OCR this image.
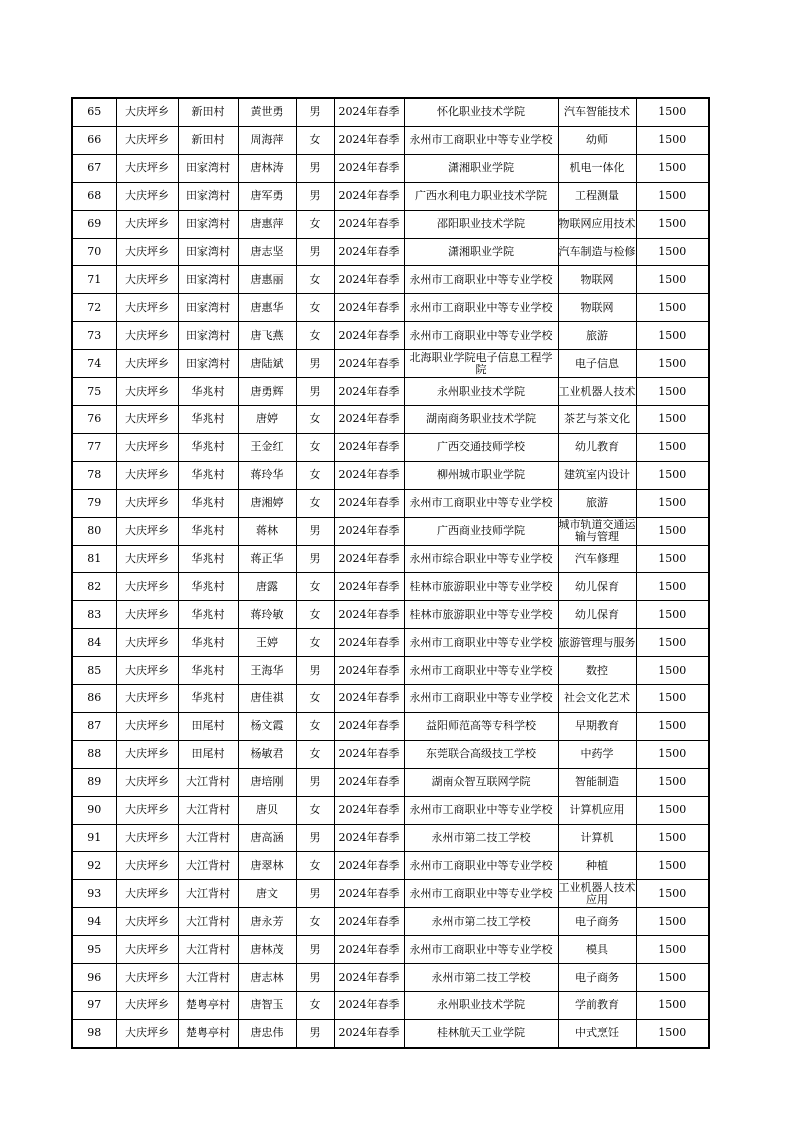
65	大庆坪乡	新田村	黄世勇	男	2024年春季	怀化职业技术学院	汽车智能技术	1500
66	大庆坪乡	新田村	周海萍	女	2024年春季	永州市工商职业中等专业学校	幼师	1500
67	大庆坪乡	田家湾村	唐林涛	男	2024年春季	潇湘职业学院	机电一体化	1500
68	大庆坪乡	田家湾村	唐军勇	男	2024年春季	广西水利电力职业技术学院	工程测量	1500
69	大庆坪乡	田家湾村	唐惠萍	女	2024年春季	邵阳职业技术学院	物联网应用技术	1500
70	大庆坪乡	田家湾村	唐志坚	男	2024年春季	潇湘职业学院	汽车制造与检修	1500
71	大庆坪乡	田家湾村	唐惠丽	女	2024年春季	永州市工商职业中等专业学校	物联网	1500
72	大庆坪乡	田家湾村	唐惠华	女	2024年春季	永州市工商职业中等专业学校	物联网	1500
73	大庆坪乡	田家湾村	唐飞燕	女	2024年春季	永州市工商职业中等专业学校	旅游	1500
74	大庆坪乡	田家湾村	唐陆斌	男	2024年春季	北海职业学院电子信息工程学院	电子信息	1500
75	大庆坪乡	华兆村	唐勇辉	男	2024年春季	永州职业技术学院	工业机器人技术	1500
76	大庆坪乡	华兆村	唐婷	女	2024年春季	湖南商务职业技术学院	茶艺与茶文化	1500
77	大庆坪乡	华兆村	王金红	女	2024年春季	广西交通技师学校	幼儿教育	1500
78	大庆坪乡	华兆村	蒋玲华	女	2024年春季	柳州城市职业学院	建筑室内设计	1500
79	大庆坪乡	华兆村	唐湘婷	女	2024年春季	永州市工商职业中等专业学校	旅游	1500
80	大庆坪乡	华兆村	蒋林	男	2024年春季	广西商业技师学院	城市轨道交通运输与管理	1500
81	大庆坪乡	华兆村	蒋正华	男	2024年春季	永州市综合职业中等专业学校	汽车修理	1500
82	大庆坪乡	华兆村	唐露	女	2024年春季	桂林市旅游职业中等专业学校	幼儿保育	1500
83	大庆坪乡	华兆村	蒋玲敏	女	2024年春季	桂林市旅游职业中等专业学校	幼儿保育	1500
84	大庆坪乡	华兆村	王婷	女	2024年春季	永州市工商职业中等专业学校	旅游管理与服务	1500
85	大庆坪乡	华兆村	王海华	男	2024年春季	永州市工商职业中等专业学校	数控	1500
86	大庆坪乡	华兆村	唐佳祺	女	2024年春季	永州市工商职业中等专业学校	社会文化艺术	1500
87	大庆坪乡	田尾村	杨文霞	女	2024年春季	益阳师范高等专科学校	早期教育	1500
88	大庆坪乡	田尾村	杨敏君	女	2024年春季	东莞联合高级技工学校	中药学	1500
89	大庆坪乡	大江背村	唐培刚	男	2024年春季	湖南众智互联网学院	智能制造	1500
90	大庆坪乡	大江背村	唐贝	女	2024年春季	永州市工商职业中等专业学校	计算机应用	1500
91	大庆坪乡	大江背村	唐高涵	男	2024年春季	永州市第二技工学校	计算机	1500
92	大庆坪乡	大江背村	唐翠林	女	2024年春季	永州市工商职业中等专业学校	种植	1500
93	大庆坪乡	大江背村	唐文	男	2024年春季	永州市工商职业中等专业学校	工业机器人技术应用	1500
94	大庆坪乡	大江背村	唐永芳	女	2024年春季	永州市第二技工学校	电子商务	1500
95	大庆坪乡	大江背村	唐林茂	男	2024年春季	永州市工商职业中等专业学校	模具	1500
96	大庆坪乡	大江背村	唐志林	男	2024年春季	永州市第二技工学校	电子商务	1500
97	大庆坪乡	楚粤亭村	唐智玉	女	2024年春季	永州职业技术学院	学前教育	1500
98	大庆坪乡	楚粤亭村	唐忠伟	男	2024年春季	桂林航天工业学院	中式烹饪	1500
